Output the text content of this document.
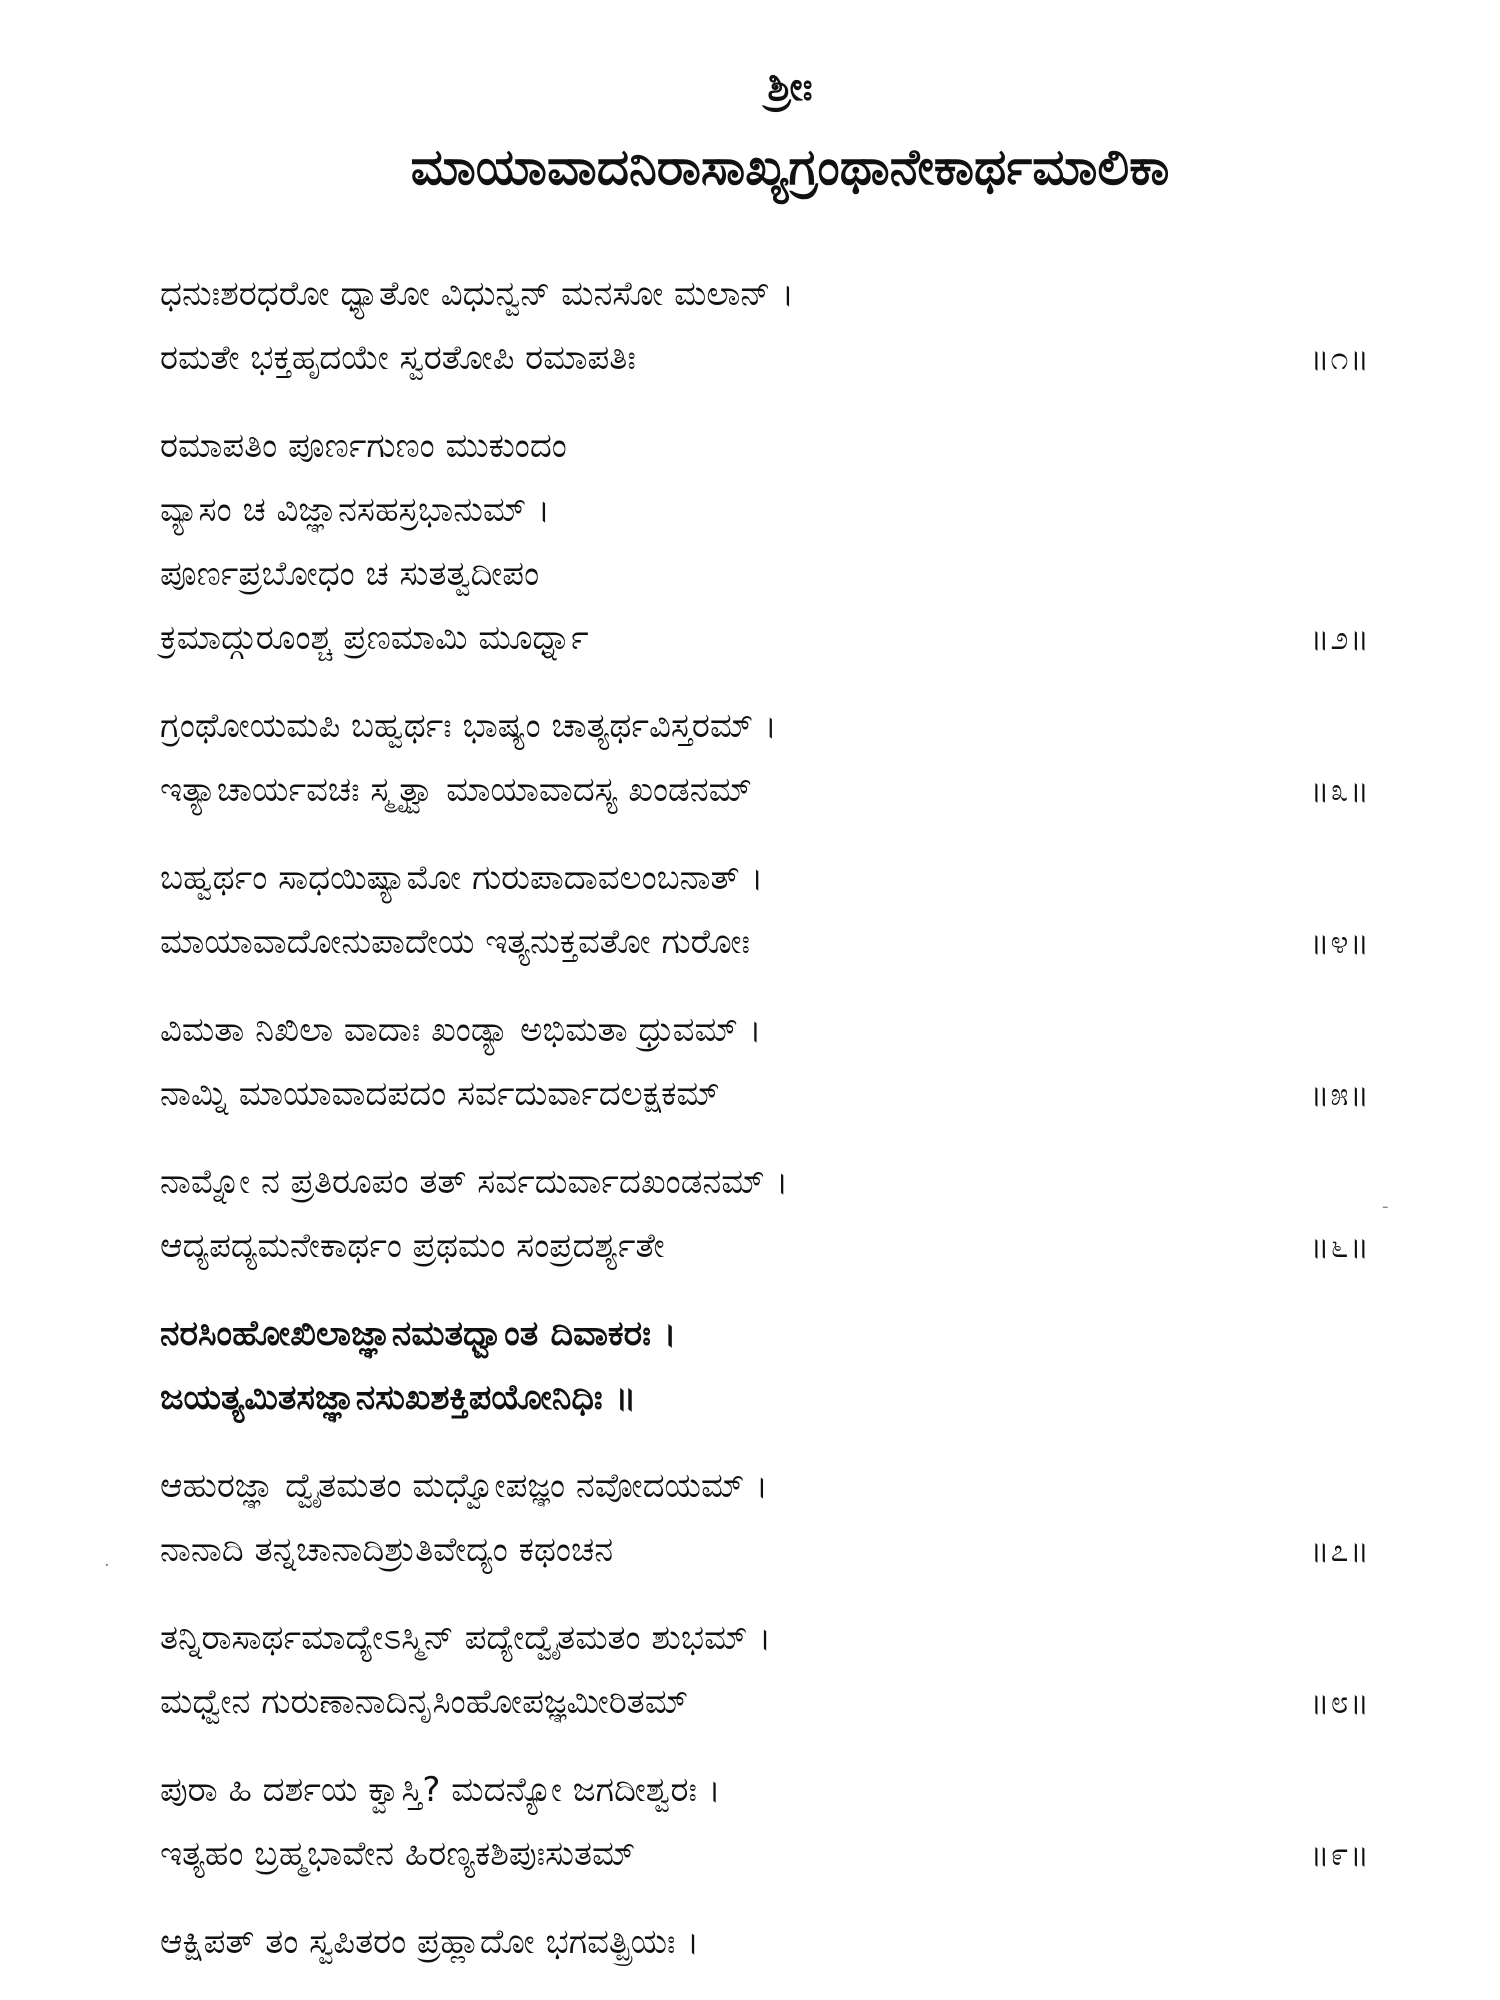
ಶ್ರೀಃ
ಮಾಯಾವಾದನಿರಾಸಾಖ್ಯಗ್ರಂಥಾನೇಕಾರ್ಥಮಾಲಿಕಾ
ಧನುಃಶರಧರೋ ಧ್ಯಾತೋ ವಿಧುನ್ವನ್ ಮನಸೋ ಮಲಾನ್ ।
ರಮತೇ ಭಕ್ತಹೃದಯೇ ಸ್ವರತೋಪಿ ರಮಾಪತಿಃ	॥೧॥
ರಮಾಪತಿಂ ಪೂರ್ಣಗುಣಂ ಮುಕುಂದಂ
ವ್ಯಾಸಂ ಚ ವಿಜ್ಞಾನಸಹಸ್ರಭಾನುಮ್ ।
ಪೂರ್ಣಪ್ರಬೋಧಂ ಚ ಸುತತ್ವದೀಪಂ
ಕ್ರಮಾದ್ಗುರೂಂಶ್ಚ ಪ್ರಣಮಾಮಿ ಮೂರ್ಧ್ನಾ	॥೨॥
ಗ್ರಂಥೋಯಮಪಿ ಬಹ್ವರ್ಥಃ ಭಾಷ್ಯಂ ಚಾತ್ಯರ್ಥವಿಸ್ತರಮ್ ।
ಇತ್ಯಾಚಾರ್ಯವಚಃ ಸ್ಮೃತ್ವಾ ಮಾಯಾವಾದಸ್ಯ ಖಂಡನಮ್	॥೩॥
ಬಹ್ವರ್ಥಂ ಸಾಧಯಿಷ್ಯಾಮೋ ಗುರುಪಾದಾವಲಂಬನಾತ್ ।
ಮಾಯಾವಾದೋನುಪಾದೇಯ ಇತ್ಯನುಕ್ತವತೋ ಗುರೋಃ	॥೪॥
ವಿಮತಾ ನಿಖಿಲಾ ವಾದಾಃ ಖಂಡ್ಯಾ ಅಭಿಮತಾ ಧ್ರುವಮ್ ।
ನಾಮ್ನಿ ಮಾಯಾವಾದಪದಂ ಸರ್ವದುರ್ವಾದಲಕ್ಷಕಮ್	॥೫॥
ನಾಮ್ನೋ ನ ಪ್ರತಿರೂಪಂ ತತ್ ಸರ್ವದುರ್ವಾದಖಂಡನಮ್ ।
ಆದ್ಯಪದ್ಯಮನೇಕಾರ್ಥಂ ಪ್ರಥಮಂ ಸಂಪ್ರದರ್ಶ್ಯತೇ	॥೬॥
ನರಸಿಂಹೋಖಿಲಾಜ್ಞಾನಮತಧ್ವಾಂತ ದಿವಾಕರಃ ।
ಜಯತ್ಯಮಿತಸಜ್ಞಾನಸುಖಶಕ್ತಿಪಯೋನಿಧಿಃ ॥
ಆಹುರಜ್ಞಾ ದ್ವೈತಮತಂ ಮಧ್ವೋಪಜ್ಞಂ ನವೋದಯಮ್ ।
ನಾನಾದಿ ತನ್ನಚಾನಾದಿಶ್ರುತಿವೇದ್ಯಂ ಕಥಂಚನ	॥೭॥
ತನ್ನಿರಾಸಾರ್ಥಮಾದ್ಯೇಽಸ್ಮಿನ್ ಪದ್ಯೇದ್ವೈತಮತಂ ಶುಭಮ್ ।
ಮಧ್ವೇನ ಗುರುಣಾನಾದಿನೃಸಿಂಹೋಪಜ್ಞಮೀರಿತಮ್	॥೮॥
ಪುರಾ ಹಿ ದರ್ಶಯ ಕ್ವಾಸ್ತಿ? ಮದನ್ಯೋ ಜಗದೀಶ್ವರಃ ।
ಇತ್ಯಹಂ ಬ್ರಹ್ಮಭಾವೇನ ಹಿರಣ್ಯಕಶಿಪುಃಸುತಮ್	॥೯॥
ಆಕ್ಷಿಪತ್ ತಂ ಸ್ವಪಿತರಂ ಪ್ರಹ್ಲಾದೋ ಭಗವತ್ಪ್ರಿಯಃ ।
-
·
